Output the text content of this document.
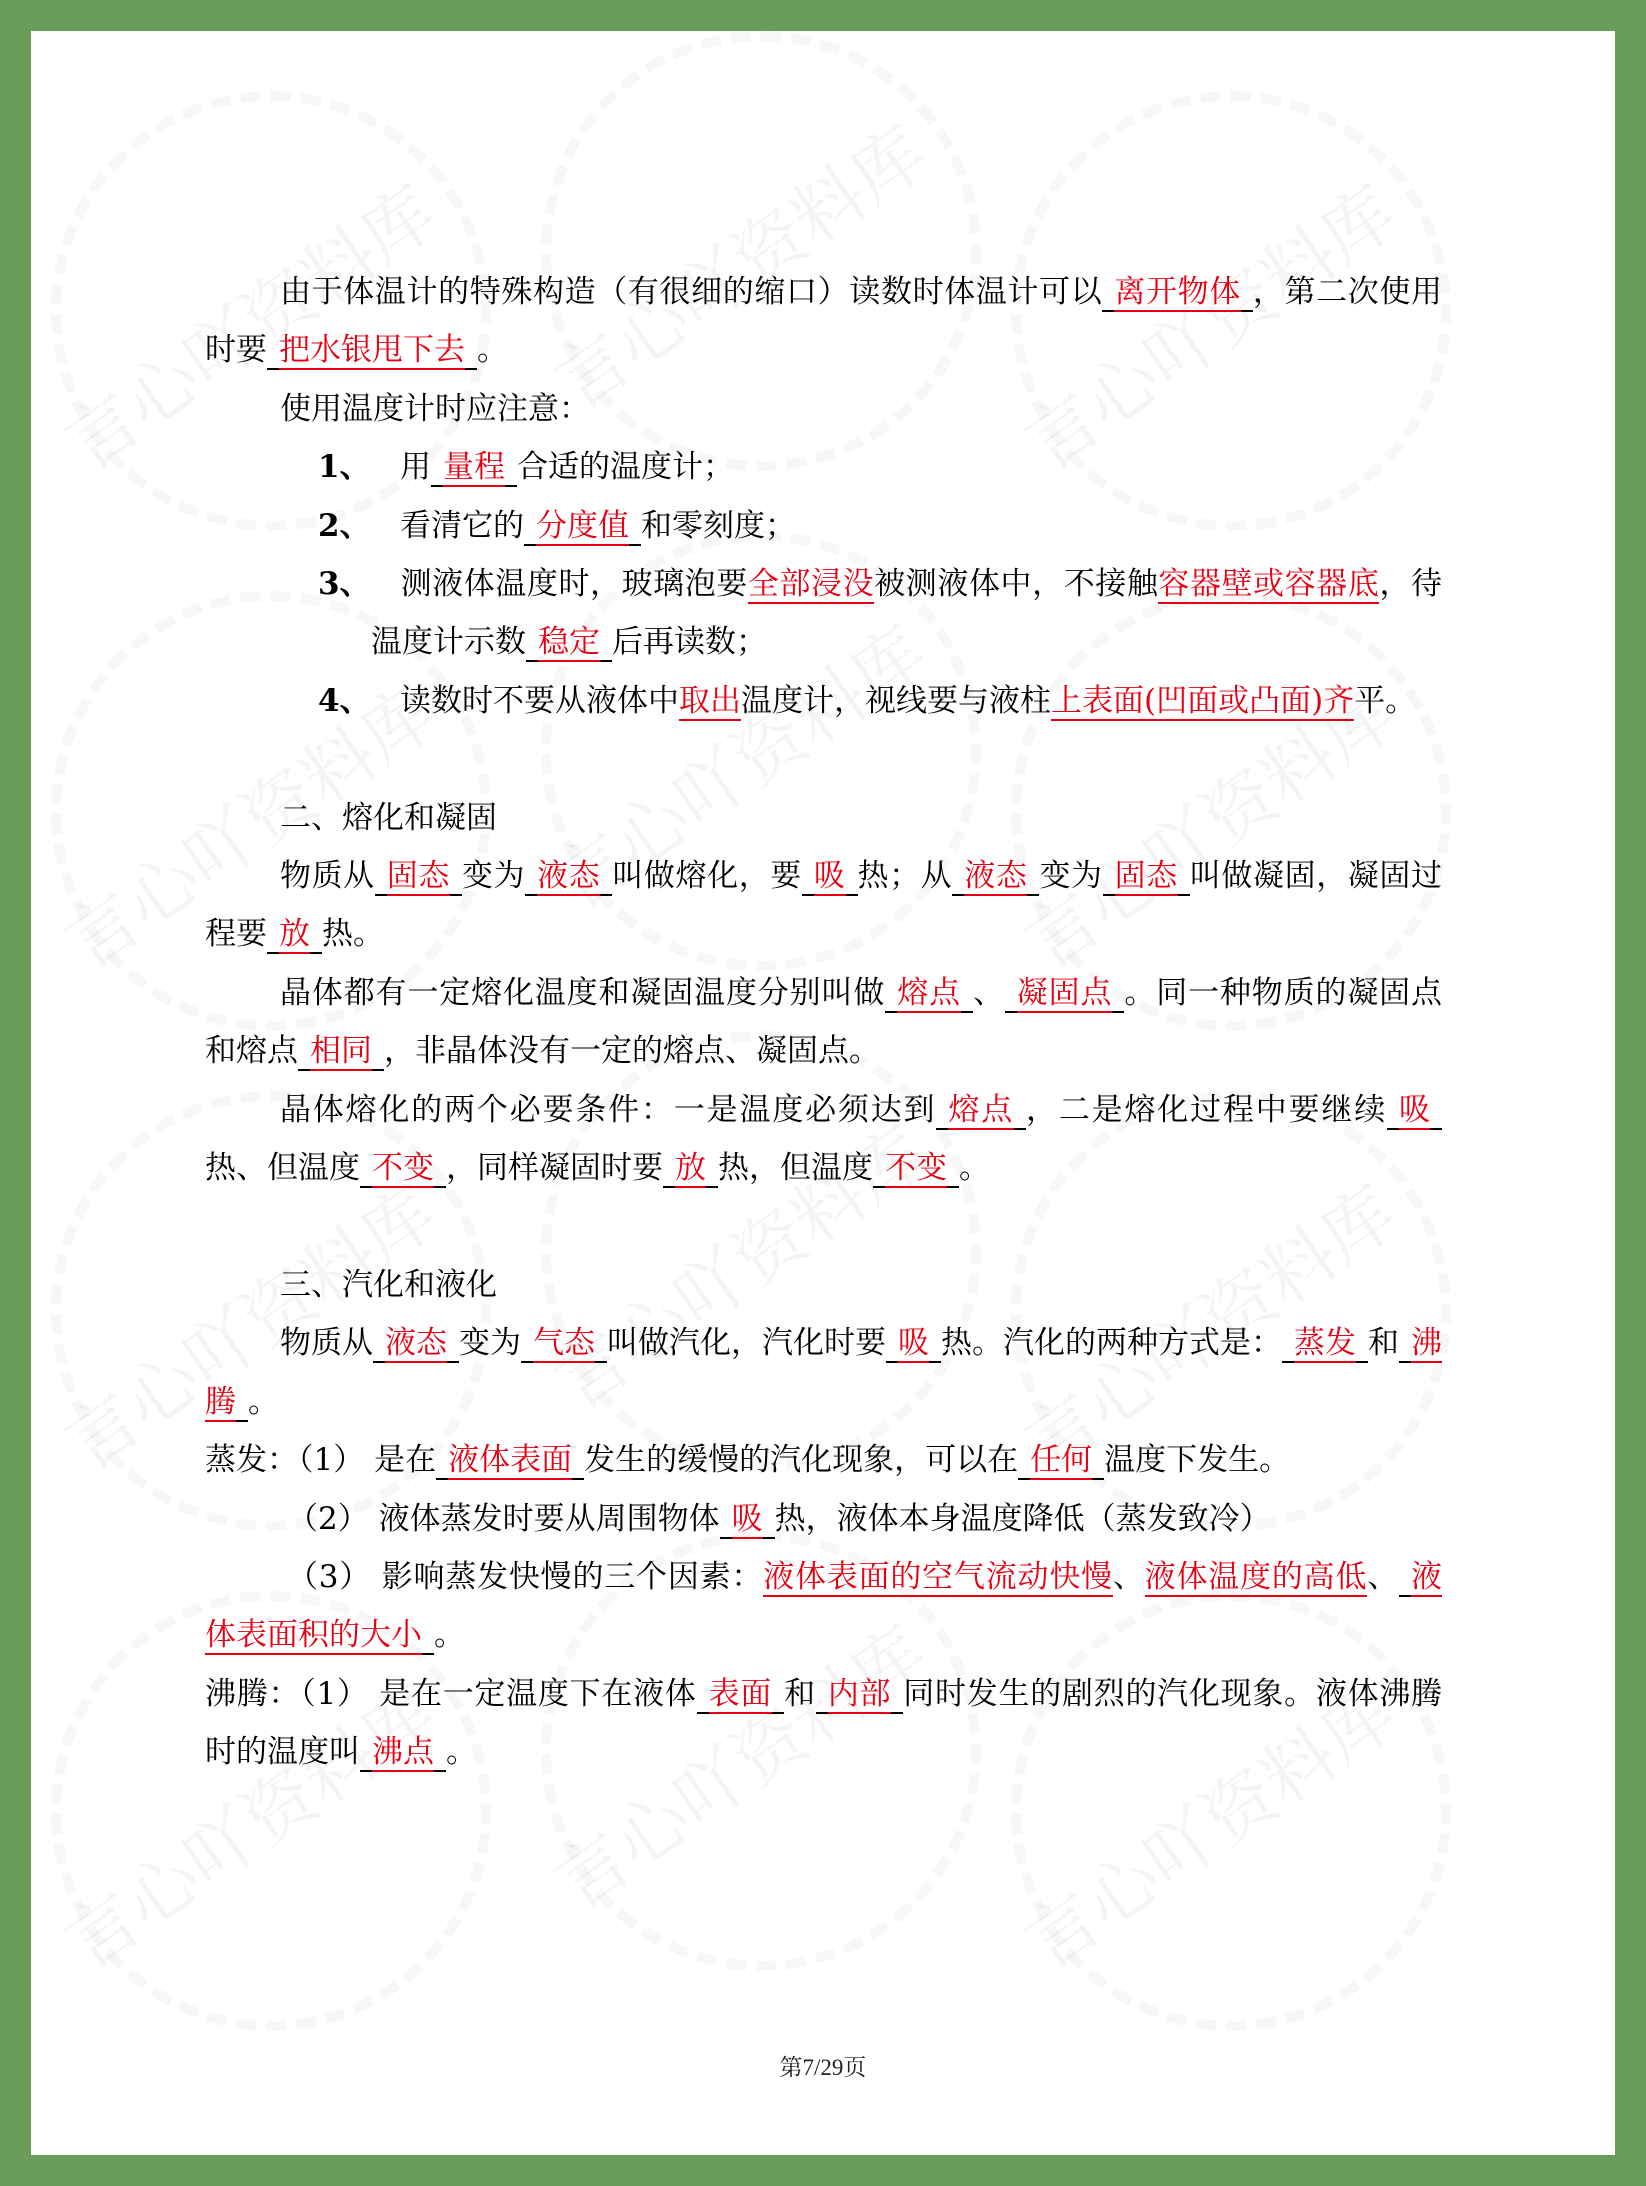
由于体温计的特殊构造（有很细的缩口）读数时体温计可以 离开物体 ，第二次使用时要 把水银甩下去 。

使用温度计时应注意：

1、 用 量程 合适的温度计；

2、 看清它的 分度值 和零刻度；

3、 测液体温度时，玻璃泡要全部浸没被测液体中，不接触容器壁或容器底，待温度计示数 稳定 后再读数；

4、 读数时不要从液体中取出温度计，视线要与液柱上表面(凹面或凸面)齐平。

二、熔化和凝固

物质从 固态 变为 液态 叫做熔化，要 吸 热；从 液态 变为 固态 叫做凝固，凝固过程要 放 热。

晶体都有一定熔化温度和凝固温度分别叫做 熔点 、 凝固点 。同一种物质的凝固点和熔点 相同 ，非晶体没有一定的熔点、凝固点。

晶体熔化的两个必要条件：一是温度必须达到 熔点 ，二是熔化过程中要继续 吸热、但温度 不变 ，同样凝固时要 放 热，但温度 不变 。

三、汽化和液化

物质从 液态 变为 气态 叫做汽化，汽化时要 吸 热。汽化的两种方式是： 蒸发 和 沸腾 。

蒸发：（1） 是在 液体表面 发生的缓慢的汽化现象，可以在 任何 温度下发生。

（2） 液体蒸发时要从周围物体 吸 热，液体本身温度降低（蒸发致冷）

（3） 影响蒸发快慢的三个因素：液体表面的空气流动快慢、液体温度的高低、 液体表面积的大小 。

沸腾：（1） 是在一定温度下在液体 表面 和 内部 同时发生的剧烈的汽化现象。液体沸腾时的温度叫 沸点 。

第7/29页
